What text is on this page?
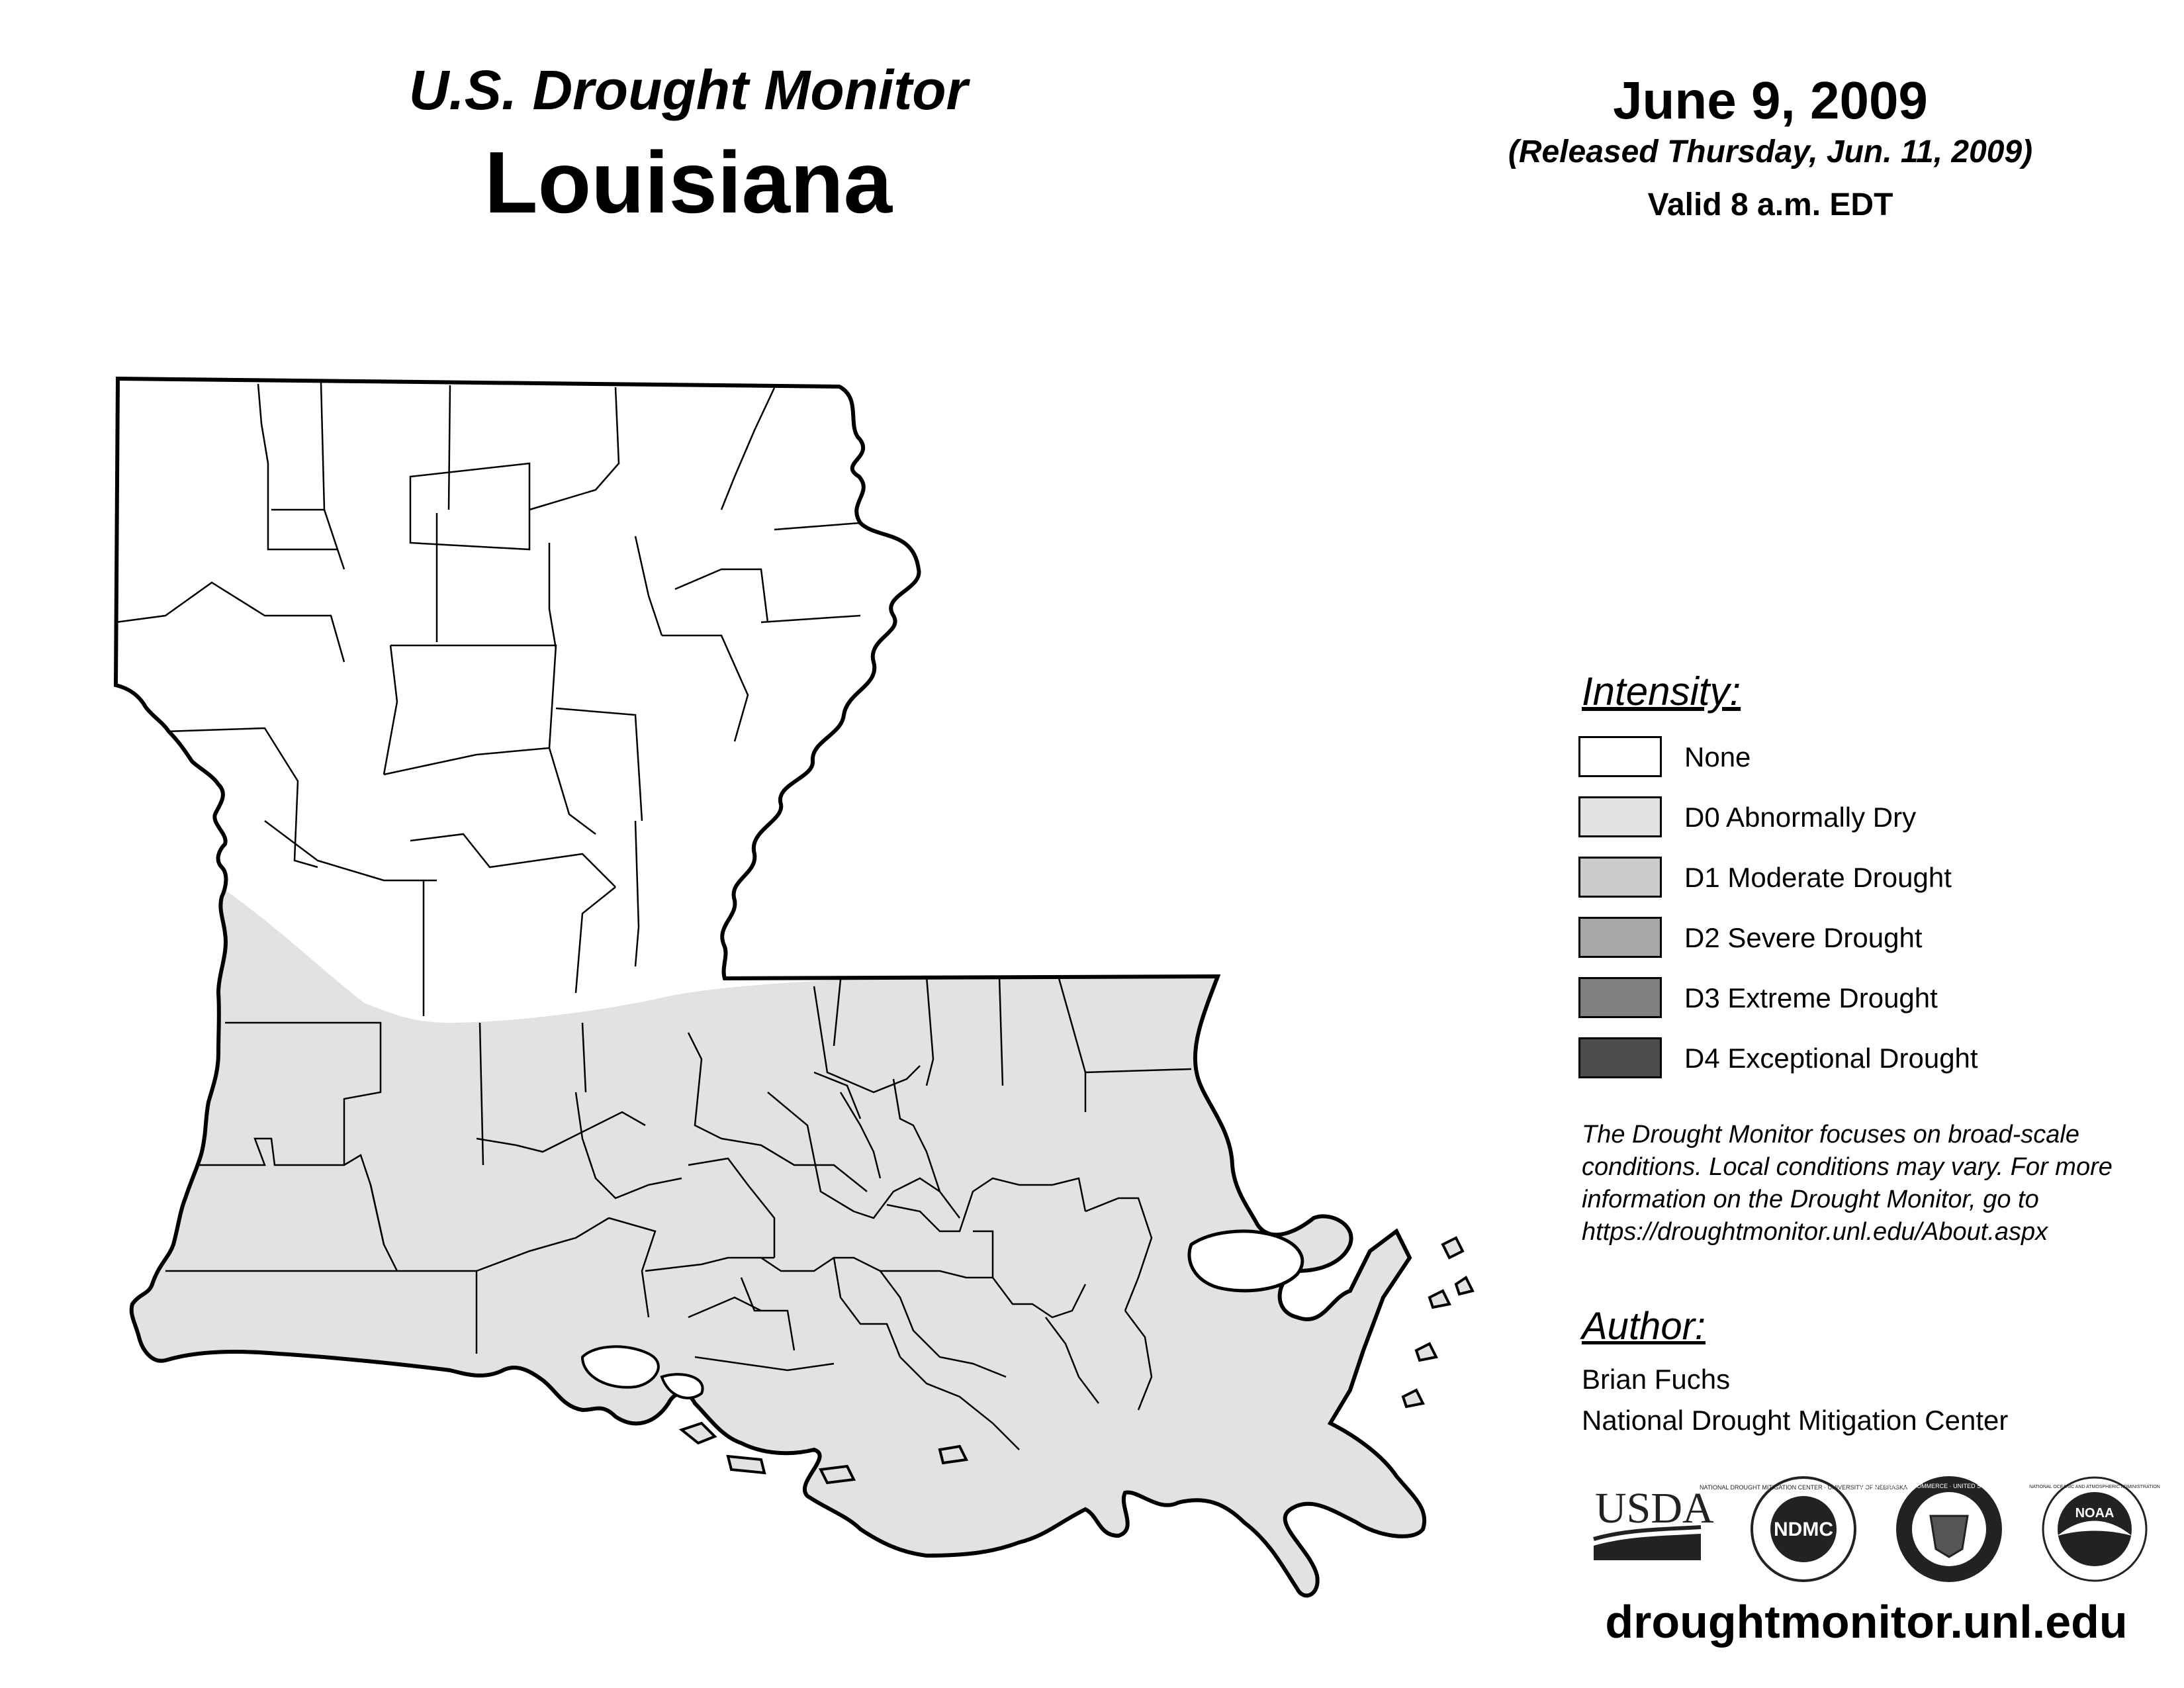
U.S. Drought Monitor
Louisiana
June 9, 2009
(Released Thursday, Jun. 11, 2009)
Valid 8 a.m. EDT
Intensity:
None
D0 Abnormally Dry
D1 Moderate Drought
D2 Severe Drought
D3 Extreme Drought
D4 Exceptional Drought
The Drought Monitor focuses on broad-scale conditions. Local conditions may vary. For more information on the Drought Monitor, go to https://droughtmonitor.unl.edu/About.aspx
Author:
Brian Fuchs
National Drought Mitigation Center
USDA	NDMC
NATIONAL DROUGHT MITIGATION CENTER · UNIVERSITY OF NEBRASKA
DEPARTMENT OF COMMERCE · UNITED STATES OF AMERICA
NOAA
NATIONAL OCEANIC AND ATMOSPHERIC ADMINISTRATION
droughtmonitor.unl.edu
